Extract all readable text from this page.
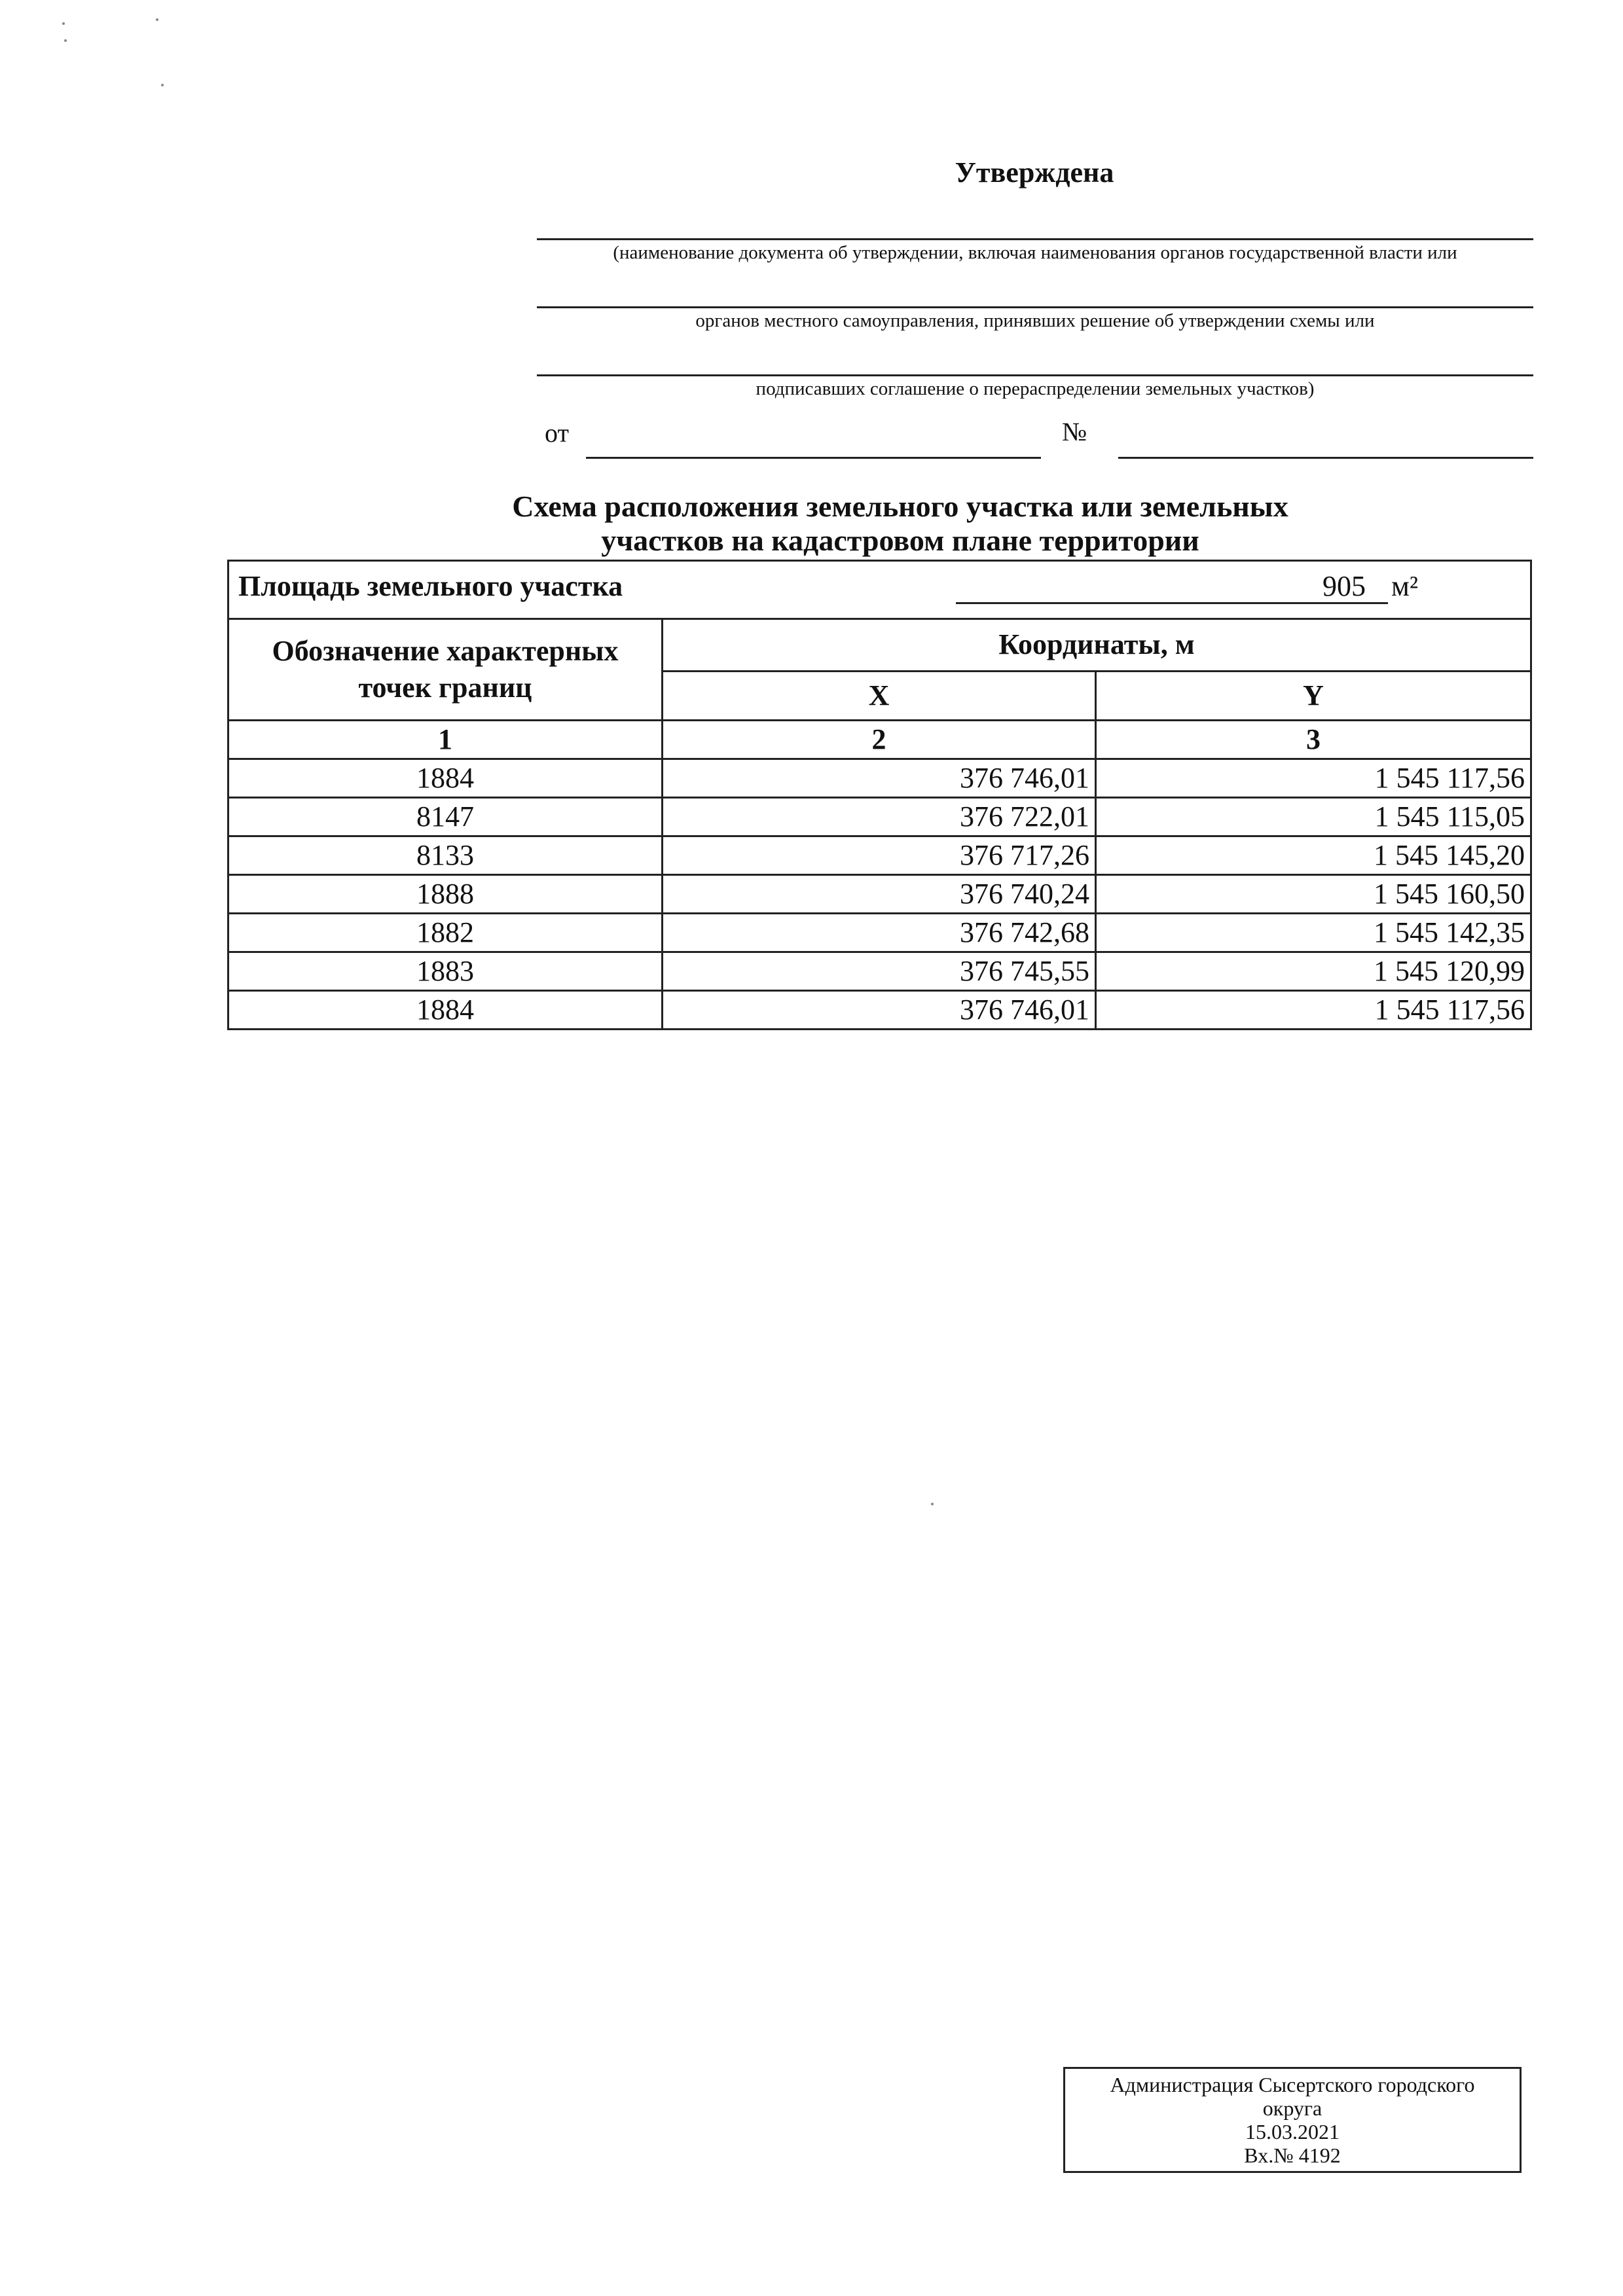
Утверждена
(наименование документа об утверждении, включая наименования органов государственной власти или
органов местного самоуправления, принявших решение об утверждении схемы или
подписавших соглашение о перераспределении земельных участков)
от	№
Схема расположения земельного участка или земельных
участков на кадастровом плане территории
Площадь земельного участка 905 м²		

Обозначение характерных
точек границ	Координаты, м	
	X	Y
1	2	3
1884	376 746,01	1 545 117,56
8147	376 722,01	1 545 115,05
8133	376 717,26	1 545 145,20
1888	376 740,24	1 545 160,50
1882	376 742,68	1 545 142,35
1883	376 745,55	1 545 120,99
1884	376 746,01	1 545 117,56
Администрация Сысертского городского
округа
15.03.2021
Вх.№ 4192
